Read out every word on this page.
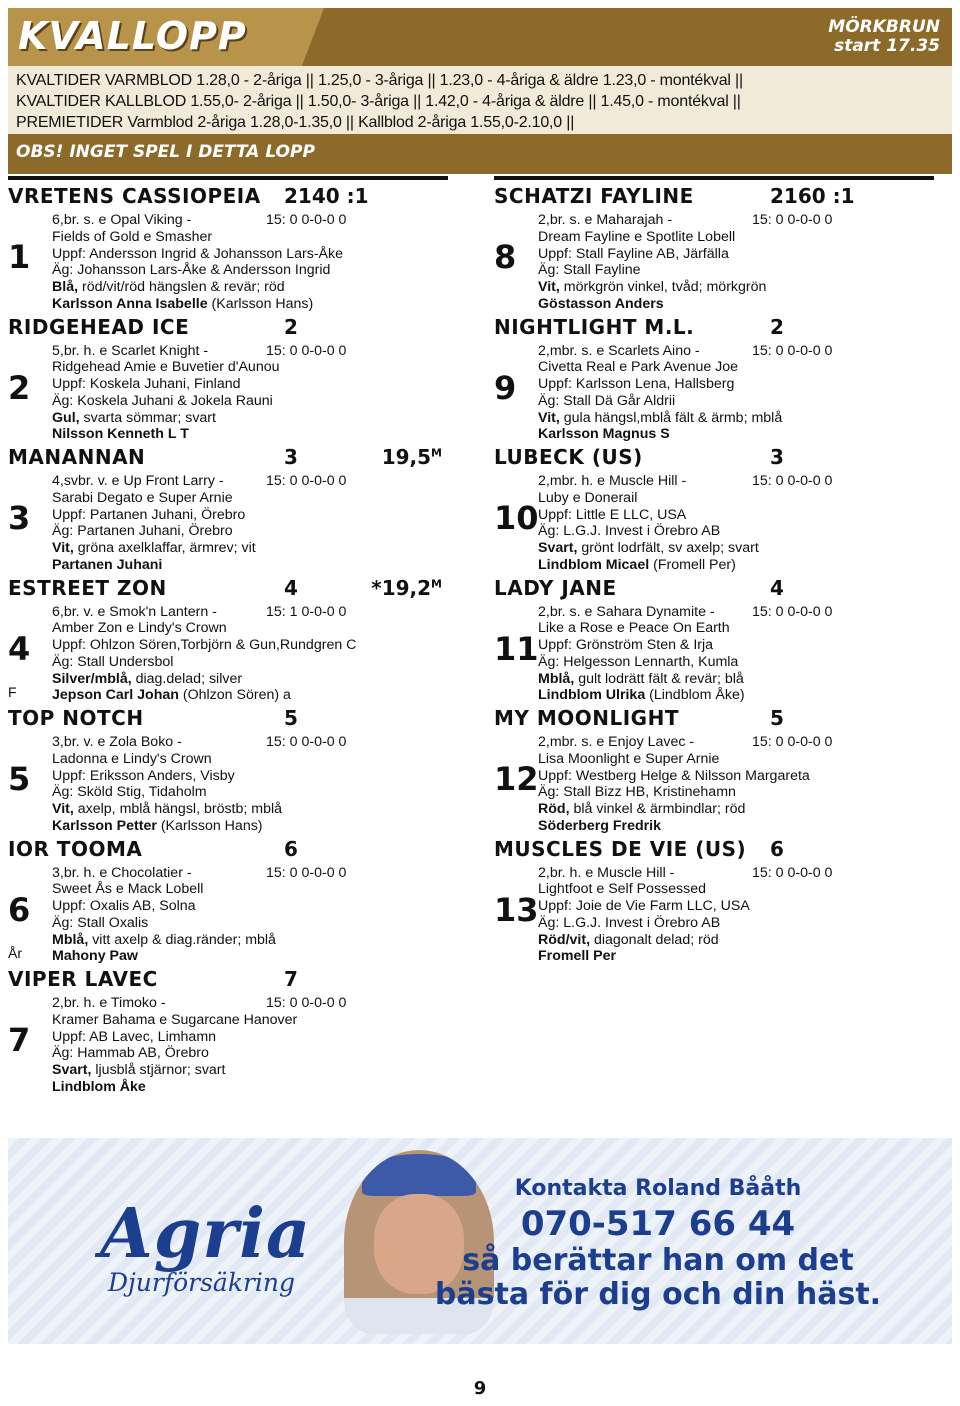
KVALLOPP	MÖRKBRUN
start 17.35
KVALTIDER VARMBLOD 1.28,0 - 2-åriga || 1.25,0 - 3-åriga || 1.23,0 - 4-åriga & äldre 1.23,0 - montékval ||
KVALTIDER KALLBLOD 1.55,0- 2-åriga || 1.50,0- 3-åriga || 1.42,0 - 4-åriga & äldre || 1.45,0 - montékval ||
PREMIETIDER Varmblod 2-åriga 1.28,0-1.35,0 || Kallblod 2-åriga 1.55,0-2.10,0 ||
OBS! INGET SPEL I DETTA LOPP
VRETENS CASSIOPEIA 2140 :1
1
6,br. s. e Opal Viking -	15: 0 0-0-0 0
Fields of Gold e Smasher
Uppf: Andersson Ingrid & Johansson Lars-Åke
Äg: Johansson Lars-Åke & Andersson Ingrid
Blå, röd/vit/röd hängslen & revär; röd
Karlsson Anna Isabelle (Karlsson Hans)
RIDGEHEAD ICE	2
2
5,br. h. e Scarlet Knight -	15: 0 0-0-0 0
Ridgehead Amie e Buvetier d'Aunou
Uppf: Koskela Juhani, Finland
Äg: Koskela Juhani & Jokela Rauni
Gul, svarta sömmar; svart
Nilsson Kenneth L T
MANANNAN	3	$19,5^M$
3
4,svbr. v. e Up Front Larry -	15: 0 0-0-0 0
Sarabi Degato e Super Arnie
Uppf: Partanen Juhani, Örebro
Äg: Partanen Juhani, Örebro
Vit, gröna axelklaffar, ärmrev; vit
Partanen Juhani
ESTREET ZON	4	$*19,2^M$
4
F
6,br. v. e Smok'n Lantern -	15: 1 0-0-0 0
Amber Zon e Lindy's Crown
Uppf: Ohlzon Sören,Torbjörn & Gun,Rundgren C
Äg: Stall Undersbol
Silver/mblå, diag.delad; silver
Jepson Carl Johan (Ohlzon Sören) a
TOP NOTCH	5
5
3,br. v. e Zola Boko -	15: 0 0-0-0 0
Ladonna e Lindy's Crown
Uppf: Eriksson Anders, Visby
Äg: Sköld Stig, Tidaholm
Vit, axelp, mblå hängsl, bröstb; mblå
Karlsson Petter (Karlsson Hans)
IOR TOOMA	6
6
År
3,br. h. e Chocolatier -	15: 0 0-0-0 0
Sweet Ås e Mack Lobell
Uppf: Oxalis AB, Solna
Äg: Stall Oxalis
Mblå, vitt axelp & diag.ränder; mblå
Mahony Paw
VIPER LAVEC	7
7
2,br. h. e Timoko -	15: 0 0-0-0 0
Kramer Bahama e Sugarcane Hanover
Uppf: AB Lavec, Limhamn
Äg: Hammab AB, Örebro
Svart, ljusblå stjärnor; svart
Lindblom Åke
SCHATZI FAYLINE	2160 :1
8
2,br. s. e Maharajah -	15: 0 0-0-0 0
Dream Fayline e Spotlite Lobell
Uppf: Stall Fayline AB, Järfälla
Äg: Stall Fayline
Vit, mörkgrön vinkel, tvåd; mörkgrön
Göstasson Anders
NIGHTLIGHT M.L.	2
9
2,mbr. s. e Scarlets Aino -	15: 0 0-0-0 0
Civetta Real e Park Avenue Joe
Uppf: Karlsson Lena, Hallsberg
Äg: Stall Dä Går Aldrii
Vit, gula hängsl,mblå fält & ärmb; mblå
Karlsson Magnus S
LUBECK (US)	3
10
2,mbr. h. e Muscle Hill -	15: 0 0-0-0 0
Luby e Donerail
Uppf: Little E LLC, USA
Äg: L.G.J. Invest i Örebro AB
Svart, grönt lodrfält, sv axelp; svart
Lindblom Micael (Fromell Per)
LADY JANE	4
11
2,br. s. e Sahara Dynamite -	15: 0 0-0-0 0
Like a Rose e Peace On Earth
Uppf: Grönström Sten & Irja
Äg: Helgesson Lennarth, Kumla
Mblå, gult lodrätt fält & revär; blå
Lindblom Ulrika (Lindblom Åke)
MY MOONLIGHT	5
12
2,mbr. s. e Enjoy Lavec -	15: 0 0-0-0 0
Lisa Moonlight e Super Arnie
Uppf: Westberg Helge & Nilsson Margareta
Äg: Stall Bizz HB, Kristinehamn
Röd, blå vinkel & ärmbindlar; röd
Söderberg Fredrik
MUSCLES DE VIE (US) 6
13
2,br. h. e Muscle Hill -	15: 0 0-0-0 0
Lightfoot e Self Possessed
Uppf: Joie de Vie Farm LLC, USA
Äg: L.G.J. Invest i Örebro AB
Röd/vit, diagonalt delad; röd
Fromell Per
Agria
Djurförsäkring
Kontakta Roland Bååth
070-517 66 44
så berättar han om det
bästa för dig och din häst.
9
